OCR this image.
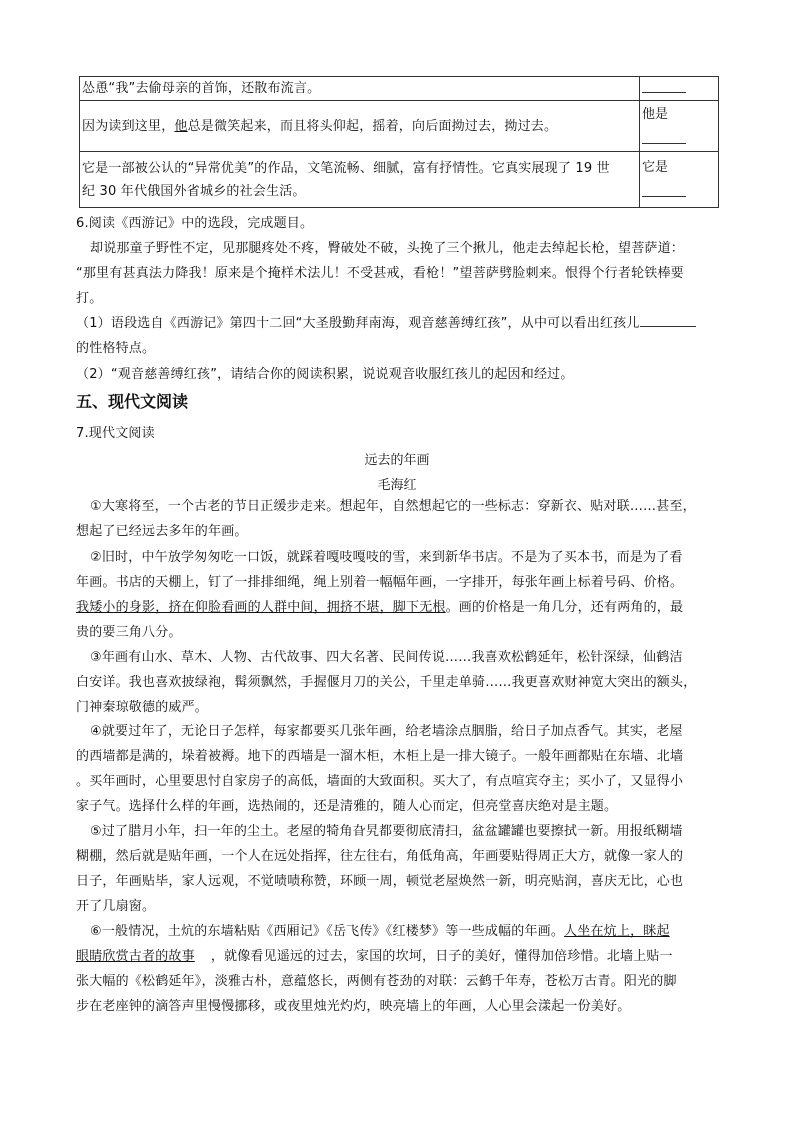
怂恿“我”去偷母亲的首饰，还散布流言。	
因为读到这里，他总是微笑起来，而且将头仰起，摇着，向后面拗过去，拗过去。	他是

它是一部被公认的“异常优美”的作品，文笔流畅、细腻，富有抒情性。它真实展现了 19 世
纪 30 年代俄国外省城乡的社会生活。	它是
6.阅读《西游记》中的选段，完成题目。
却说那童子野性不定，见那腿疼处不疼，臀破处不破，头挽了三个揪儿，他走去绰起长枪，望菩萨道：
“那里有甚真法力降我！原来是个掩样术法儿！不受甚戒，看枪！”望菩萨劈脸刺来。恨得个行者轮铁棒要
打。
（1）语段选自《西游记》第四十二回“大圣殷勤拜南海，观音慈善缚红孩”，从中可以看出红孩儿
的性格特点。
（2）“观音慈善缚红孩”，请结合你的阅读积累，说说观音收服红孩儿的起因和经过。
五、现代文阅读
7.现代文阅读
远去的年画
毛海红
①大寒将至，一个古老的节日正缓步走来。想起年，自然想起它的一些标志：穿新衣、贴对联……甚至，
想起了已经远去多年的年画。
②旧时，中午放学匆匆吃一口饭，就踩着嘎吱嘎吱的雪，来到新华书店。不是为了买本书，而是为了看
年画。书店的天棚上，钉了一排排细绳，绳上别着一幅幅年画，一字排开，每张年画上标着号码、价格。
我矮小的身影，挤在仰脸看画的人群中间，拥挤不堪，脚下无根。画的价格是一角几分，还有两角的，最
贵的要三角八分。
③年画有山水、草木、人物、古代故事、四大名著、民间传说……我喜欢松鹤延年，松针深绿，仙鹤洁
白安详。我也喜欢披绿袍，髯须飘然，手握偃月刀的关公，千里走单骑……我更喜欢财神宽大突出的额头，
门神秦琼敬德的威严。
④就要过年了，无论日子怎样，每家都要买几张年画，给老墙涂点胭脂，给日子加点香气。其实，老屋
的西墙都是满的，垛着被褥。地下的西墙是一溜木柜，木柜上是一排大镜子。一般年画都贴在东墙、北墙
。买年画时，心里要思忖自家房子的高低，墙面的大致面积。买大了，有点喧宾夺主；买小了，又显得小
家子气。选择什么样的年画，选热闹的，还是清雅的，随人心而定，但亮堂喜庆绝对是主题。
⑤过了腊月小年，扫一年的尘土。老屋的犄角旮旯都要彻底清扫，盆盆罐罐也要擦拭一新。用报纸糊墙
糊棚，然后就是贴年画，一个人在远处指挥，往左往右，角低角高，年画要贴得周正大方，就像一家人的
日子，年画贴毕，家人远观，不觉啧啧称赞，环顾一周，顿觉老屋焕然一新，明亮贴润，喜庆无比，心也
开了几扇窗。
⑥一般情况，土炕的东墙粘贴《西厢记》《岳飞传》《红楼梦》等一些成幅的年画。人坐在炕上，眯起
眼睛欣赏古者的故事 ，就像看见遥远的过去，家国的坎坷，日子的美好，懂得加倍珍惜。北墙上贴一
张大幅的《松鹤延年》，淡雅古朴，意蕴悠长，两侧有苍劲的对联：云鹤千年寿，苍松万古青。阳光的脚
步在老座钟的滴答声里慢慢挪移，或夜里烛光灼灼，映亮墙上的年画，人心里会漾起一份美好。
